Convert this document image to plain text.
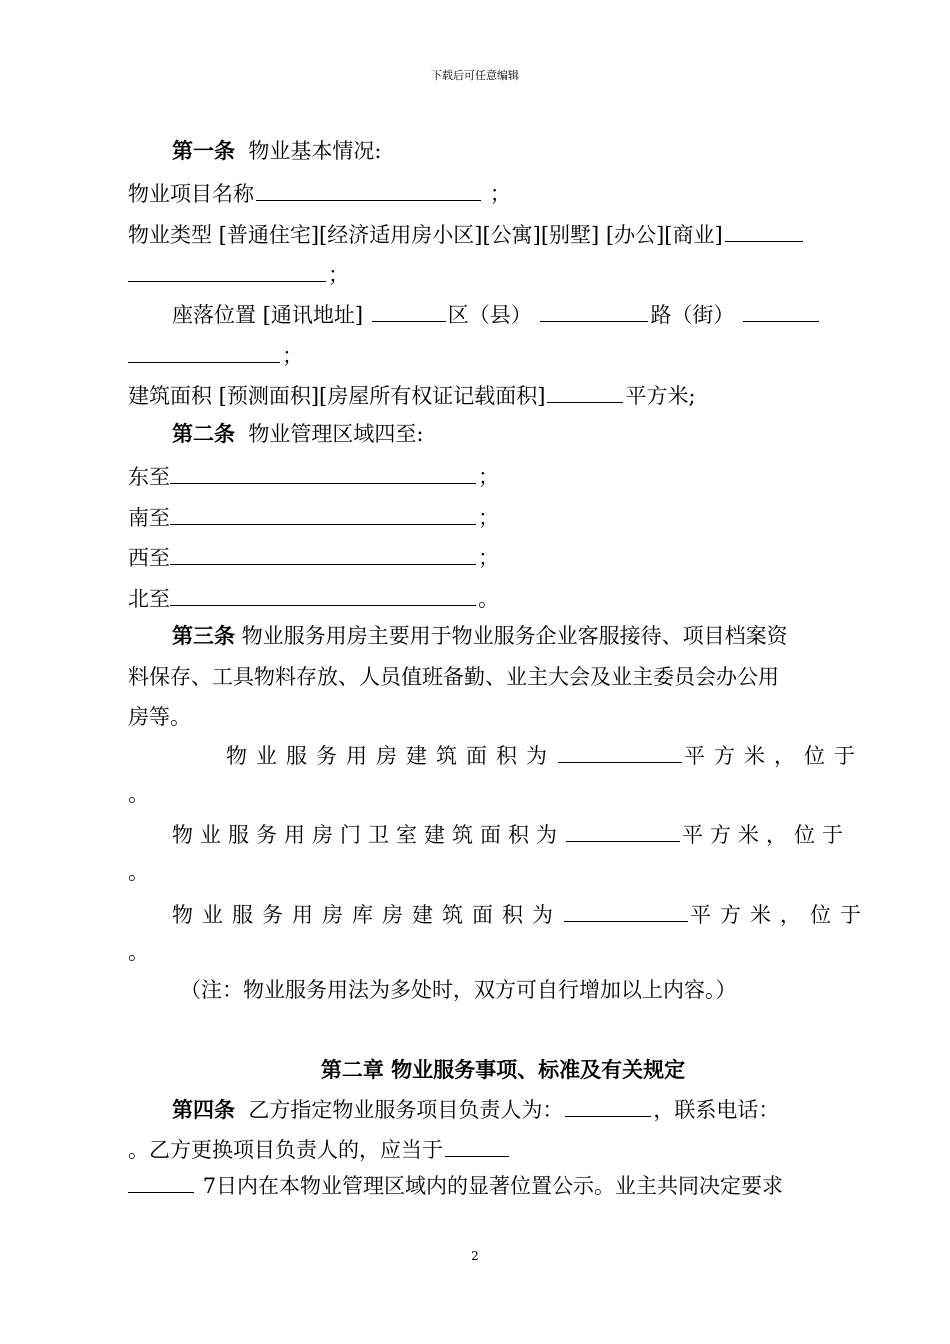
下载后可任意编辑
第一条 物业基本情况:
物业项目名称	；
物业类型 [普通住宅][经济适用房小区][公寓][别墅] [办公][商业]
；
座落位置 [通讯地址]	区（县）	路（街）
；
建筑面积 [预测面积][房屋所有权证记载面积]	平方米;
第二条 物业管理区域四至:
东至	；
南至	；
西至	；
北至	。
第三条 物业服务用房主要用于物业服务企业客服接待、项目档案资
料保存、工具物料存放、人员值班备勤、业主大会及业主委员会办公用
房等。
物业服务用房建筑面积为	平方米，位于
。
物业服务用房门卫室建筑面积为	平方米，位于
。
物业服务用房库房建筑面积为	平方米，位于
。
（注：物业服务用法为多处时，双方可自行增加以上内容。）
第二章 物业服务事项、标准及有关规定
第四条 乙方指定物业服务项目负责人为：	，联系电话：
。乙方更换项目负责人的，应当于
7日内在本物业管理区域内的显著位置公示。业主共同决定要求
2
